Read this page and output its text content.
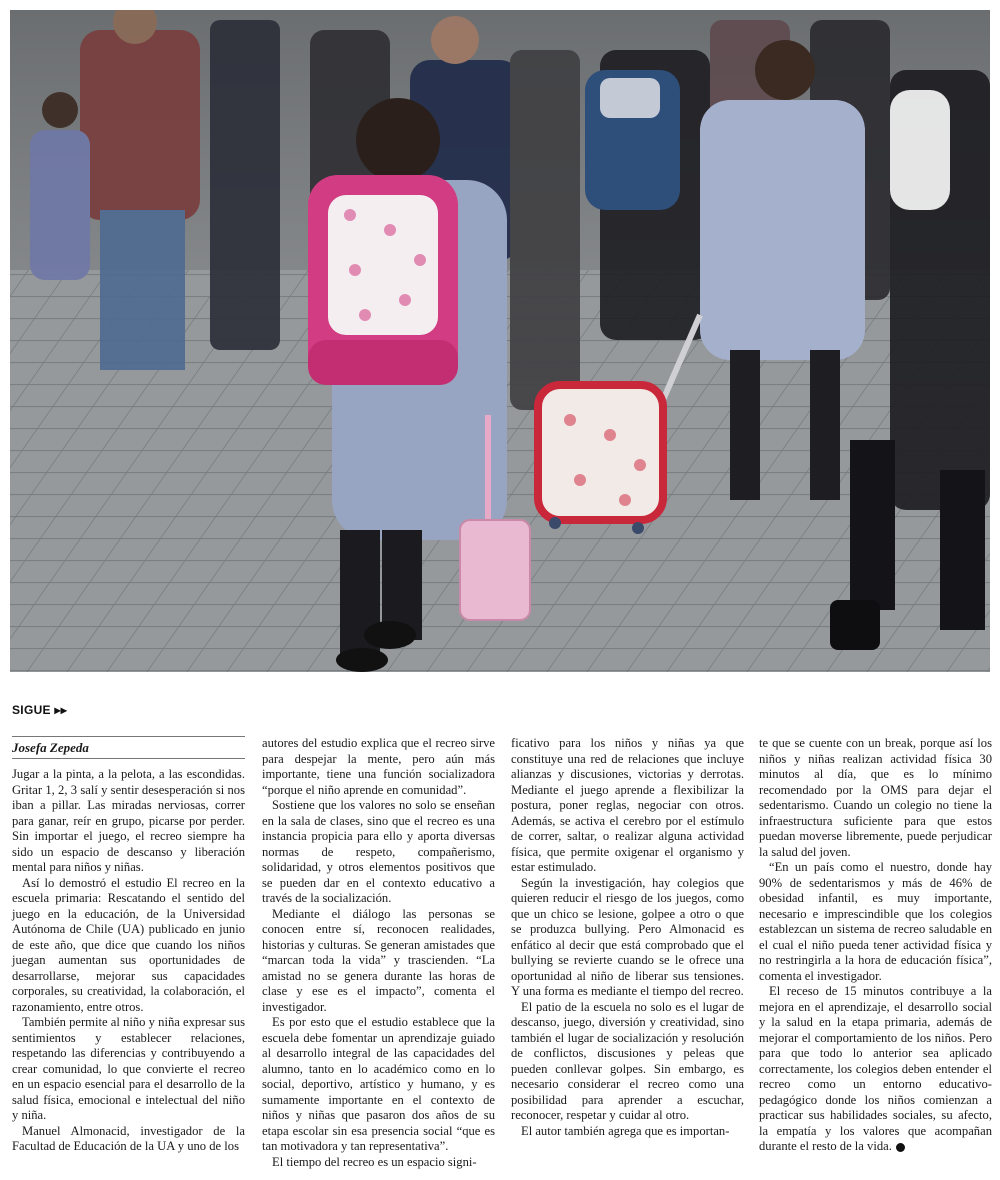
SIGUE ▸▸
Josefa Zepeda

Jugar a la pinta, a la pelota, a las escondidas. Gritar 1, 2, 3 salí y sentir desesperación si nos iban a pillar. Las miradas nerviosas, correr para ganar, reír en grupo, picarse por perder. Sin importar el juego, el recreo siempre ha sido un espacio de descanso y liberación mental para niños y niñas.

Así lo demostró el estudio El recreo en la escuela primaria: Rescatando el sentido del juego en la educación, de la Universidad Autónoma de Chile (UA) publicado en junio de este año, que dice que cuando los niños juegan aumentan sus oportunidades de desarrollarse, mejorar sus capacidades corporales, su creatividad, la colaboración, el razonamiento, entre otros.

También permite al niño y niña expresar sus sentimientos y establecer relaciones, respetando las diferencias y contribuyendo a crear comunidad, lo que convierte el recreo en un espacio esencial para el desarrollo de la salud física, emocional e intelectual del niño y niña.

Manuel Almonacid, investigador de la Facultad de Educación de la UA y uno de los

autores del estudio explica que el recreo sirve para despejar la mente, pero aún más importante, tiene una función socializadora “porque el niño aprende en comunidad”.

Sostiene que los valores no solo se enseñan en la sala de clases, sino que el recreo es una instancia propicia para ello y aporta diversas normas de respeto, compañerismo, solidaridad, y otros elementos positivos que se pueden dar en el contexto educativo a través de la socialización.

Mediante el diálogo las personas se conocen entre sí, reconocen realidades, historias y culturas. Se generan amistades que “marcan toda la vida” y trascienden. “La amistad no se genera durante las horas de clase y ese es el impacto”, comenta el investigador.

Es por esto que el estudio establece que la escuela debe fomentar un aprendizaje guiado al desarrollo integral de las capacidades del alumno, tanto en lo académico como en lo social, deportivo, artístico y humano, y es sumamente importante en el contexto de niños y niñas que pasaron dos años de su etapa escolar sin esa presencia social “que es tan motivadora y tan representativa”.

El tiempo del recreo es un espacio signi-

ficativo para los niños y niñas ya que constituye una red de relaciones que incluye alianzas y discusiones, victorias y derrotas. Mediante el juego aprende a flexibilizar la postura, poner reglas, negociar con otros. Además, se activa el cerebro por el estímulo de correr, saltar, o realizar alguna actividad física, que permite oxigenar el organismo y estar estimulado.

Según la investigación, hay colegios que quieren reducir el riesgo de los juegos, como que un chico se lesione, golpee a otro o que se produzca bullying. Pero Almonacid es enfático al decir que está comprobado que el bullying se revierte cuando se le ofrece una oportunidad al niño de liberar sus tensiones. Y una forma es mediante el tiempo del recreo.

El patio de la escuela no solo es el lugar de descanso, juego, diversión y creatividad, sino también el lugar de socialización y resolución de conflictos, discusiones y peleas que pueden conllevar golpes. Sin embargo, es necesario considerar el recreo como una posibilidad para aprender a escuchar, reconocer, respetar y cuidar al otro.

El autor también agrega que es importan-

te que se cuente con un break, porque así los niños y niñas realizan actividad física 30 minutos al día, que es lo mínimo recomendado por la OMS para dejar el sedentarismo. Cuando un colegio no tiene la infraestructura suficiente para que estos puedan moverse libremente, puede perjudicar la salud del joven.

“En un país como el nuestro, donde hay 90% de sedentarismos y más de 46% de obesidad infantil, es muy importante, necesario e imprescindible que los colegios establezcan un sistema de recreo saludable en el cual el niño pueda tener actividad física y no restringirla a la hora de educación física”, comenta el investigador.

El receso de 15 minutos contribuye a la mejora en el aprendizaje, el desarrollo social y la salud en la etapa primaria, además de mejorar el comportamiento de los niños. Pero para que todo lo anterior sea aplicado correctamente, los colegios deben entender el recreo como un entorno educativo-pedagógico donde los niños comienzan a practicar sus habilidades sociales, su afecto, la empatía y los valores que acompañan durante el resto de la vida.
